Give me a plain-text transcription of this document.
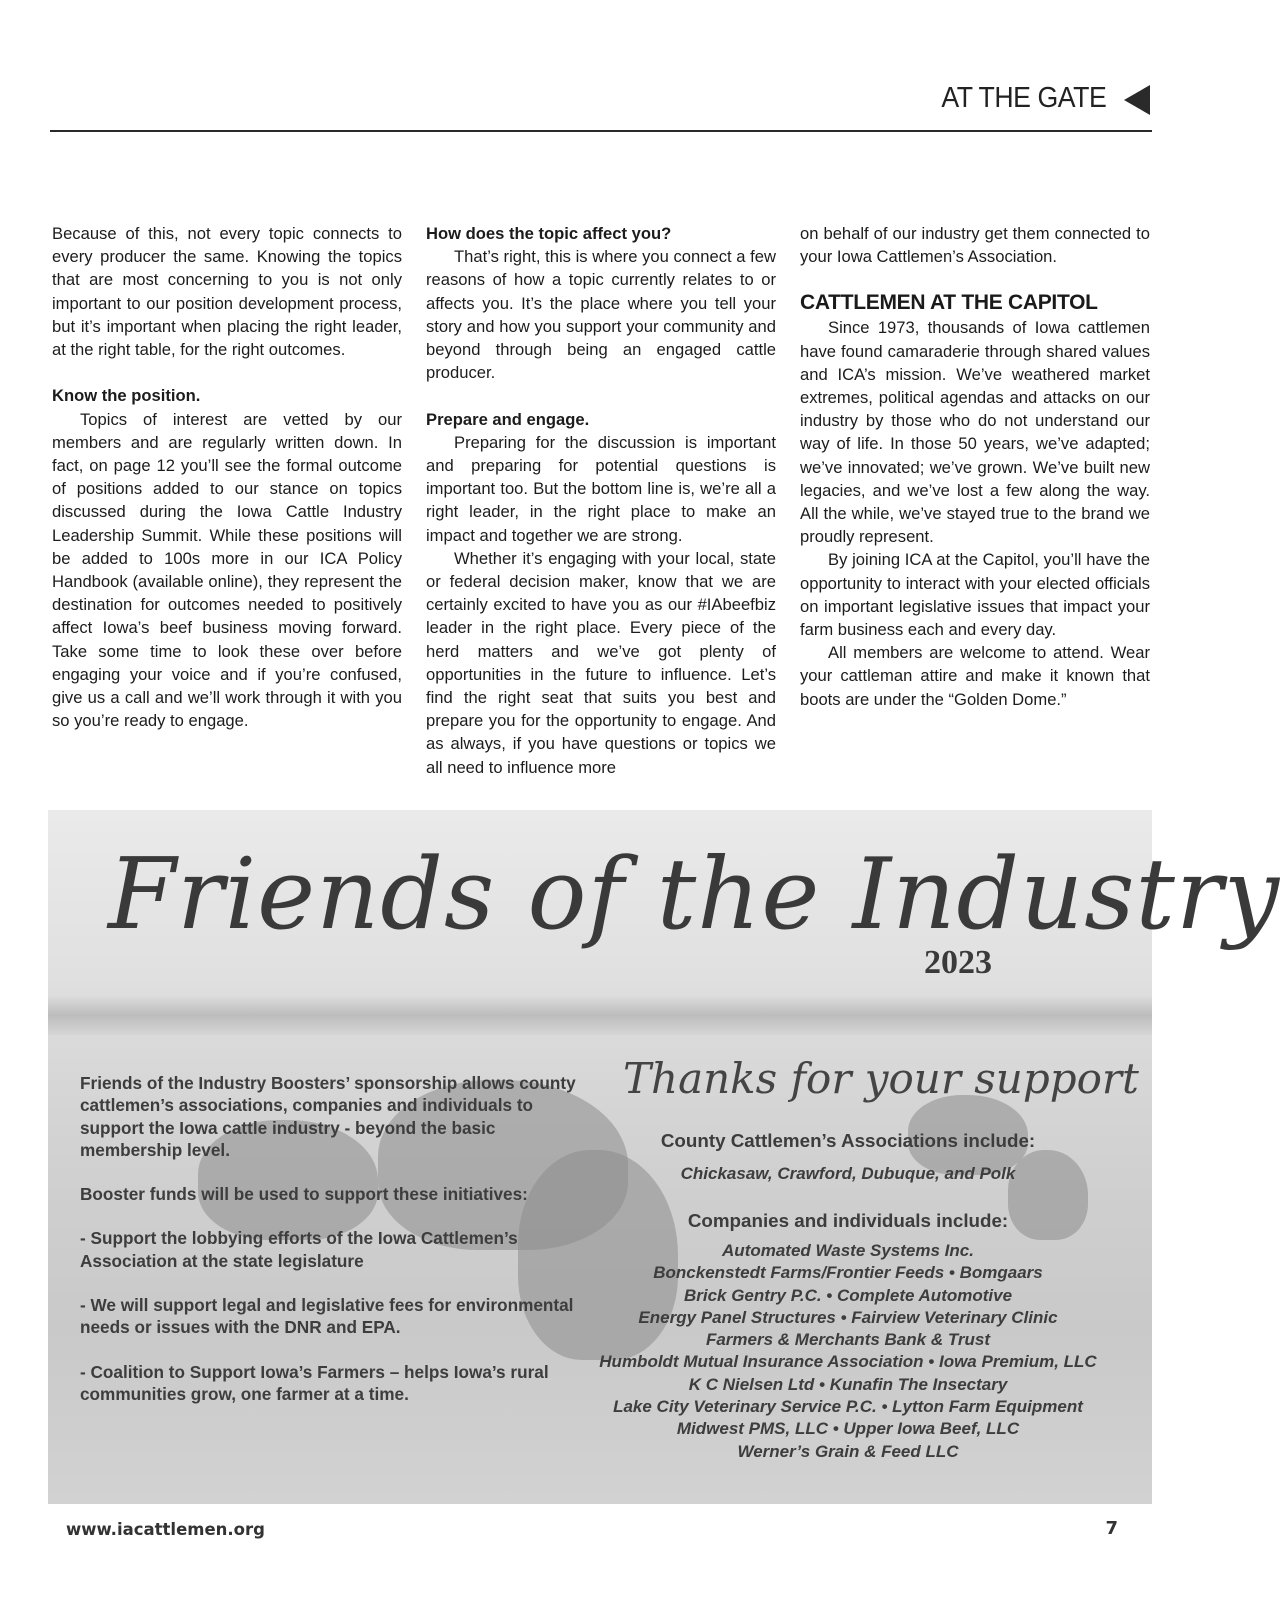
AT THE GATE

Because of this, not every topic connects to every producer the same. Knowing the topics that are most concerning to you is not only important to our position development process, but it’s important when placing the right leader, at the right table, for the right outcomes.

Know the position.

Topics of interest are vetted by our members and are regularly written down. In fact, on page 12 you’ll see the formal outcome of positions added to our stance on topics discussed during the Iowa Cattle Industry Leadership Summit. While these positions will be added to 100s more in our ICA Policy Handbook (available online), they represent the destination for outcomes needed to positively affect Iowa’s beef business moving forward. Take some time to look these over before engaging your voice and if you’re confused, give us a call and we’ll work through it with you so you’re ready to engage.

How does the topic affect you?

That’s right, this is where you connect a few reasons of how a topic currently relates to or affects you. It’s the place where you tell your story and how you support your community and beyond through being an engaged cattle producer.

Prepare and engage.

Preparing for the discussion is important and preparing for potential questions is important too. But the bottom line is, we’re all a right leader, in the right place to make an impact and together we are strong.

Whether it’s engaging with your local, state or federal decision maker, know that we are certainly excited to have you as our #IAbeefbiz leader in the right place. Every piece of the herd matters and we’ve got plenty of opportunities in the future to influence. Let’s find the right seat that suits you best and prepare you for the opportunity to engage. And as always, if you have questions or topics we all need to influence more

on behalf of our industry get them connected to your Iowa Cattlemen’s Association.

CATTLEMEN AT THE CAPITOL

Since 1973, thousands of Iowa cattlemen have found camaraderie through shared values and ICA’s mission. We’ve weathered market extremes, political agendas and attacks on our industry by those who do not understand our way of life. In those 50 years, we’ve adapted; we’ve innovated; we’ve grown. We’ve built new legacies, and we’ve lost a few along the way. All the while, we’ve stayed true to the brand we proudly represent.

By joining ICA at the Capitol, you’ll have the opportunity to interact with your elected officials on important legislative issues that impact your farm business each and every day.

All members are welcome to attend. Wear your cattleman attire and make it known that boots are under the “Golden Dome.”

Friends of the Industry
2023
Thanks for your support

Friends of the Industry Boosters’ sponsorship allows county cattlemen’s associations, companies and individuals to support the Iowa cattle industry - beyond the basic membership level.

Booster funds will be used to support these initiatives:

- Support the lobbying efforts of the Iowa Cattlemen’s Association at the state legislature

- We will support legal and legislative fees for environmental needs or issues with the DNR and EPA.

- Coalition to Support Iowa’s Farmers – helps Iowa’s rural communities grow, one farmer at a time.

County Cattlemen’s Associations include:

Chickasaw, Crawford, Dubuque, and Polk

Companies and individuals include:

Automated Waste Systems Inc.

Bonckenstedt Farms/Frontier Feeds • Bomgaars

Brick Gentry P.C. • Complete Automotive

Energy Panel Structures • Fairview Veterinary Clinic

Farmers & Merchants Bank & Trust

Humboldt Mutual Insurance Association • Iowa Premium, LLC

K C Nielsen Ltd • Kunafin The Insectary

Lake City Veterinary Service P.C. • Lytton Farm Equipment

Midwest PMS, LLC • Upper Iowa Beef, LLC

Werner’s Grain & Feed LLC

www.iacattlemen.org	7
